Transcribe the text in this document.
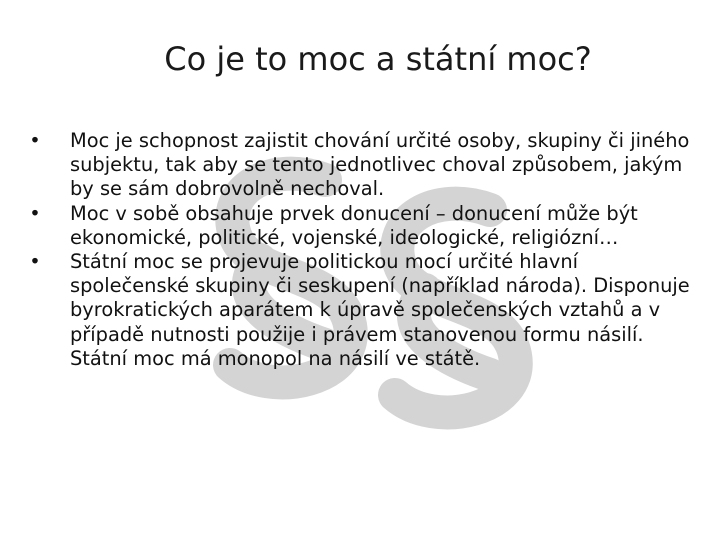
Co je to moc a státní moc?
• Moc je schopnost zajistit chování určité osoby, skupiny či jiného subjektu, tak aby se tento jednotlivec choval způsobem, jakým by se sám dobrovolně nechoval.
• Moc v sobě obsahuje prvek donucení – donucení může být ekonomické, politické, vojenské, ideologické, religiózní…
• Státní moc se projevuje politickou mocí určité hlavní společenské skupiny či seskupení (například národa). Disponuje byrokratických aparátem k úpravě společenských vztahů a v případě nutnosti použije i právem stanovenou formu násilí. Státní moc má monopol na násilí ve státě.
